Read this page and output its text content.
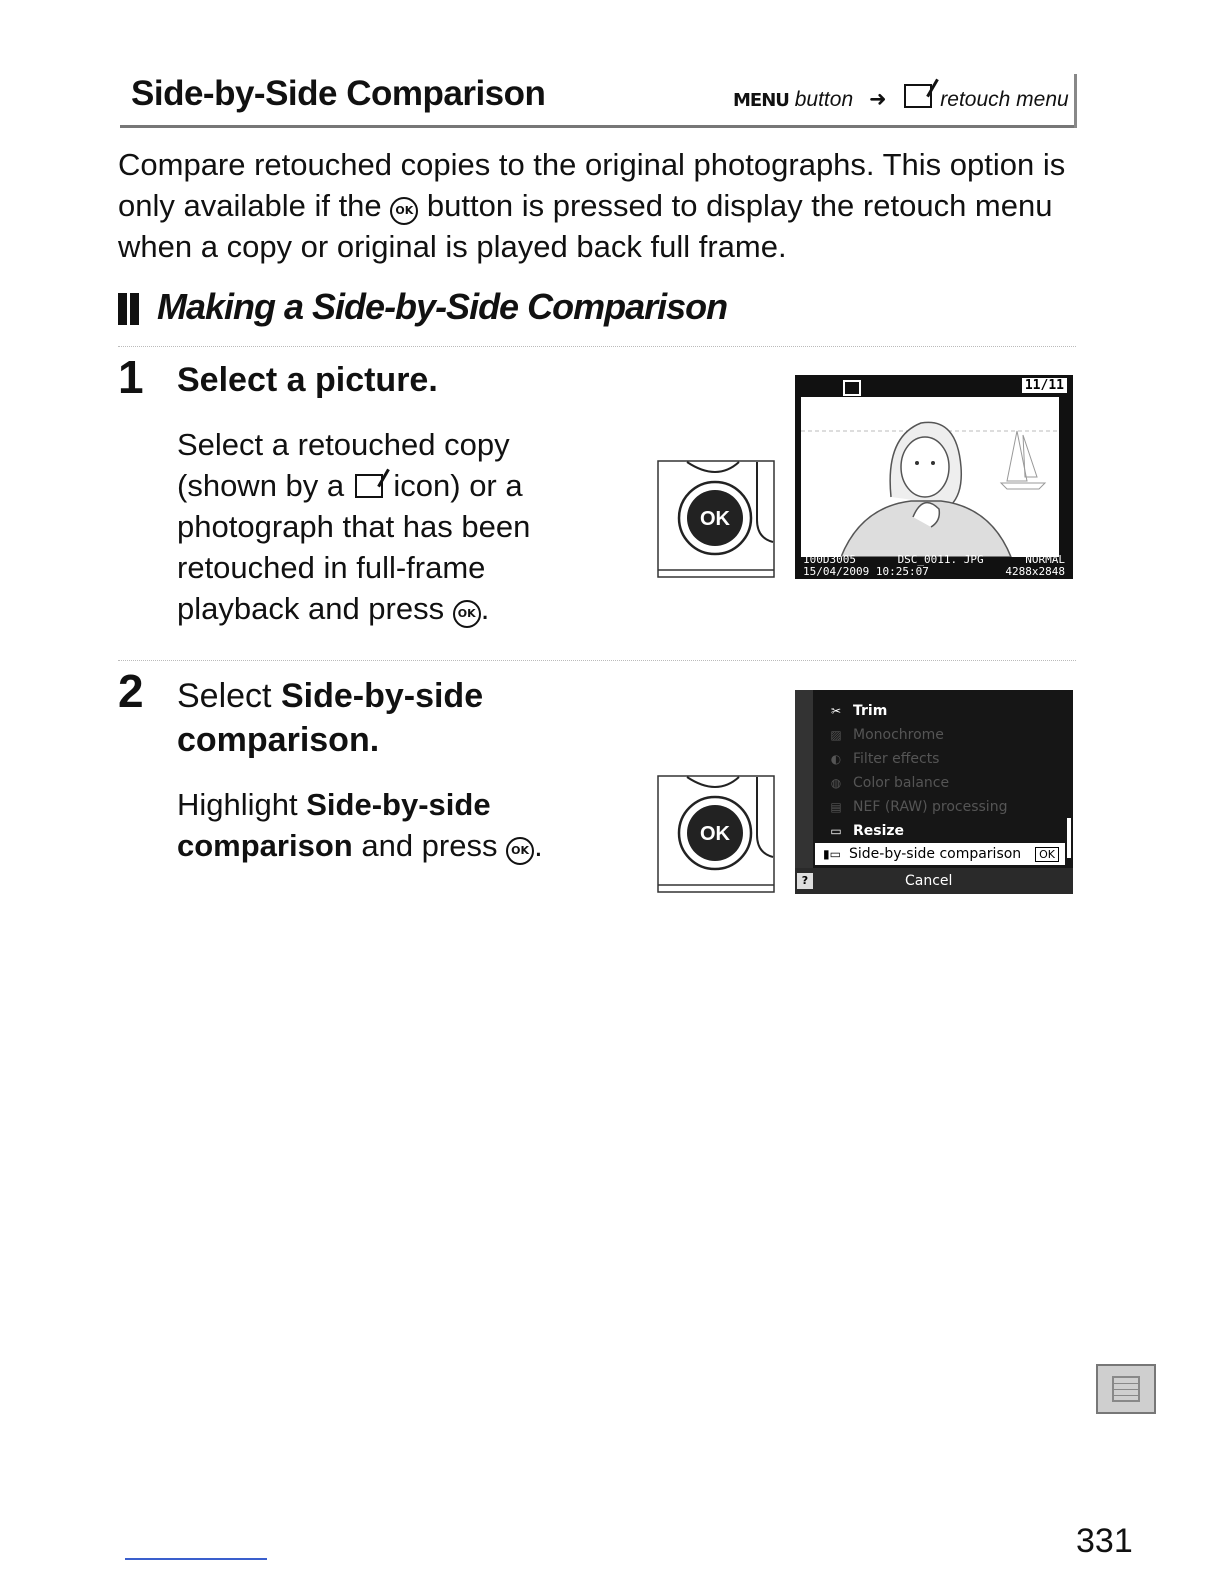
Side-by-Side Comparison	MENU button ➜	retouch menu
Compare retouched copies to the original photographs. This option is only available if the OK button is pressed to display the retouch menu when a copy or original is played back full frame.
Making a Side-by-Side Comparison
1 Select a picture.
Select a retouched copy (shown by a icon) or a photograph that has been retouched in full-frame playback and press OK .
OK
11/11
100D3005	DSC_0011. JPG	NORMAL
15/04/2009 10:25:07	4288x2848
2 Select Side-by-side comparison.
Highlight Side-by-side comparison and press OK .	OK
✂ Trim
▨ Monochrome
◐ Filter effects
◍ Color balance
▤ NEF (RAW) processing
▭ Resize
▮▭ Side-by-side comparison	OK
?	Cancel
331
